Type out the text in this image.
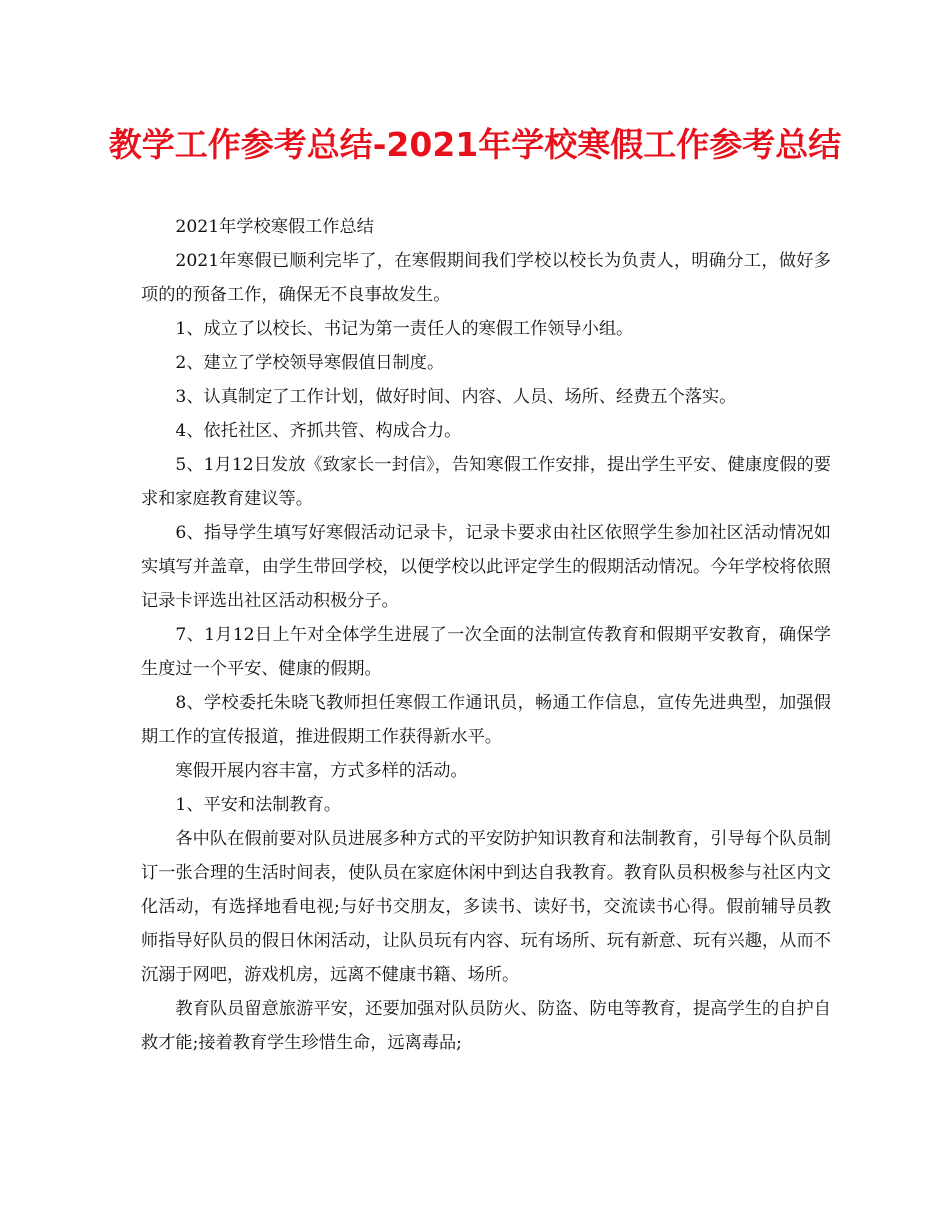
教学工作参考总结-2021年学校寒假工作参考总结

2021年学校寒假工作总结

2021年寒假已顺利完毕了，在寒假期间我们学校以校长为负责人，明确分工，做好多项的的预备工作，确保无不良事故发生。

1、成立了以校长、书记为第一责任人的寒假工作领导小组。

2、建立了学校领导寒假值日制度。

3、认真制定了工作计划，做好时间、内容、人员、场所、经费五个落实。

4、依托社区、齐抓共管、构成合力。

5、1月12日发放《致家长一封信》，告知寒假工作安排，提出学生平安、健康度假的要求和家庭教育建议等。

6、指导学生填写好寒假活动记录卡，记录卡要求由社区依照学生参加社区活动情况如实填写并盖章，由学生带回学校，以便学校以此评定学生的假期活动情况。今年学校将依照记录卡评选出社区活动积极分子。

7、1月12日上午对全体学生进展了一次全面的法制宣传教育和假期平安教育，确保学生度过一个平安、健康的假期。

8、学校委托朱晓飞教师担任寒假工作通讯员，畅通工作信息，宣传先进典型，加强假期工作的宣传报道，推进假期工作获得新水平。

寒假开展内容丰富，方式多样的活动。

1、平安和法制教育。

各中队在假前要对队员进展多种方式的平安防护知识教育和法制教育，引导每个队员制订一张合理的生活时间表，使队员在家庭休闲中到达自我教育。教育队员积极参与社区内文化活动，有选择地看电视;与好书交朋友，多读书、读好书，交流读书心得。假前辅导员教师指导好队员的假日休闲活动，让队员玩有内容、玩有场所、玩有新意、玩有兴趣，从而不沉溺于网吧，游戏机房，远离不健康书籍、场所。

教育队员留意旅游平安，还要加强对队员防火、防盗、防电等教育，提高学生的自护自救才能;接着教育学生珍惜生命，远离毒品;
